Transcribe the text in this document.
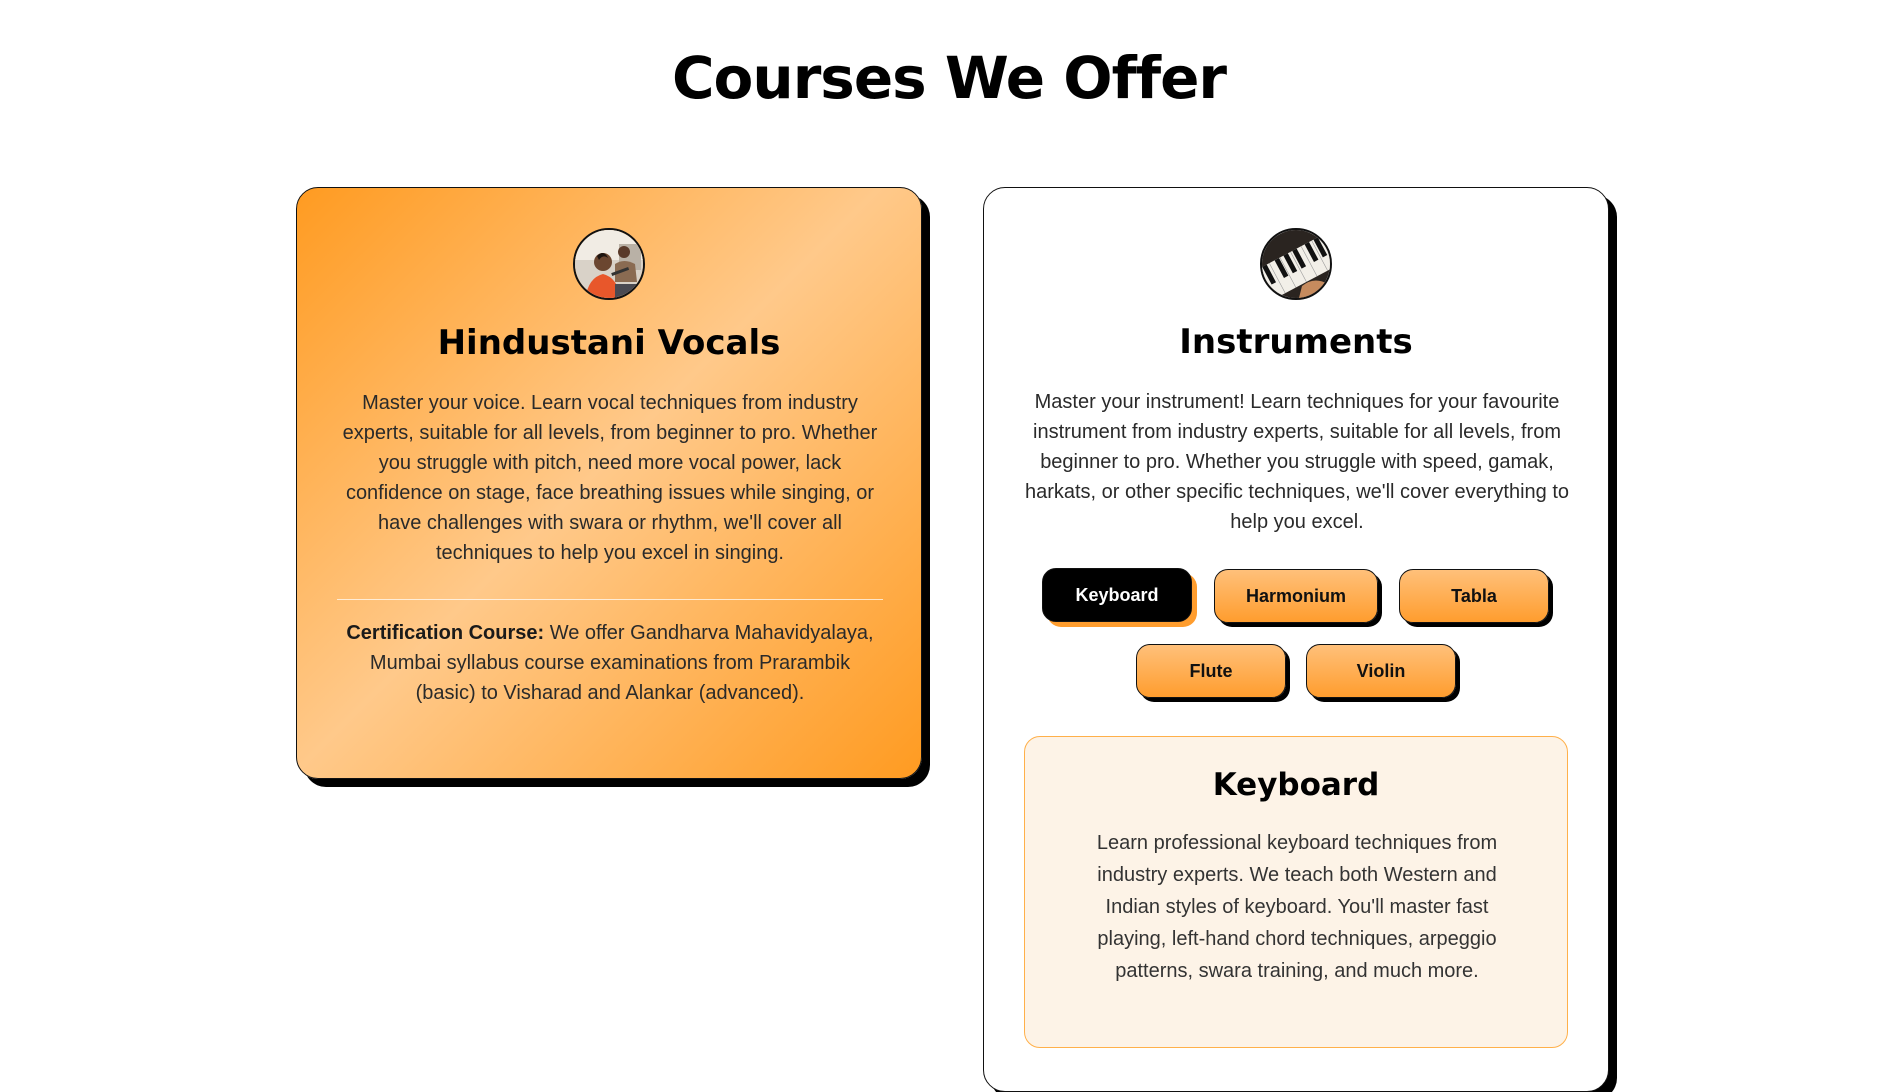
Courses We Offer
Hindustani Vocals

Master your voice. Learn vocal techniques from industry experts, suitable for all levels, from beginner to pro. Whether you struggle with pitch, need more vocal power, lack confidence on stage, face breathing issues while singing, or have challenges with swara or rhythm, we'll cover all techniques to help you excel in singing.

Certification Course: We offer Gandharva Mahavidyalaya, Mumbai syllabus course examinations from Prarambik (basic) to Visharad and Alankar (advanced).

Instruments

Master your instrument! Learn techniques for your favourite instrument from industry experts, suitable for all levels, from beginner to pro. Whether you struggle with speed, gamak, harkats, or other specific techniques, we'll cover everything to help you excel.

Keyboard	Harmonium	Tabla
Flute	Violin
Keyboard

Learn professional keyboard techniques from industry experts. We teach both Western and Indian styles of keyboard. You'll master fast playing, left-hand chord techniques, arpeggio patterns, swara training, and much more.
